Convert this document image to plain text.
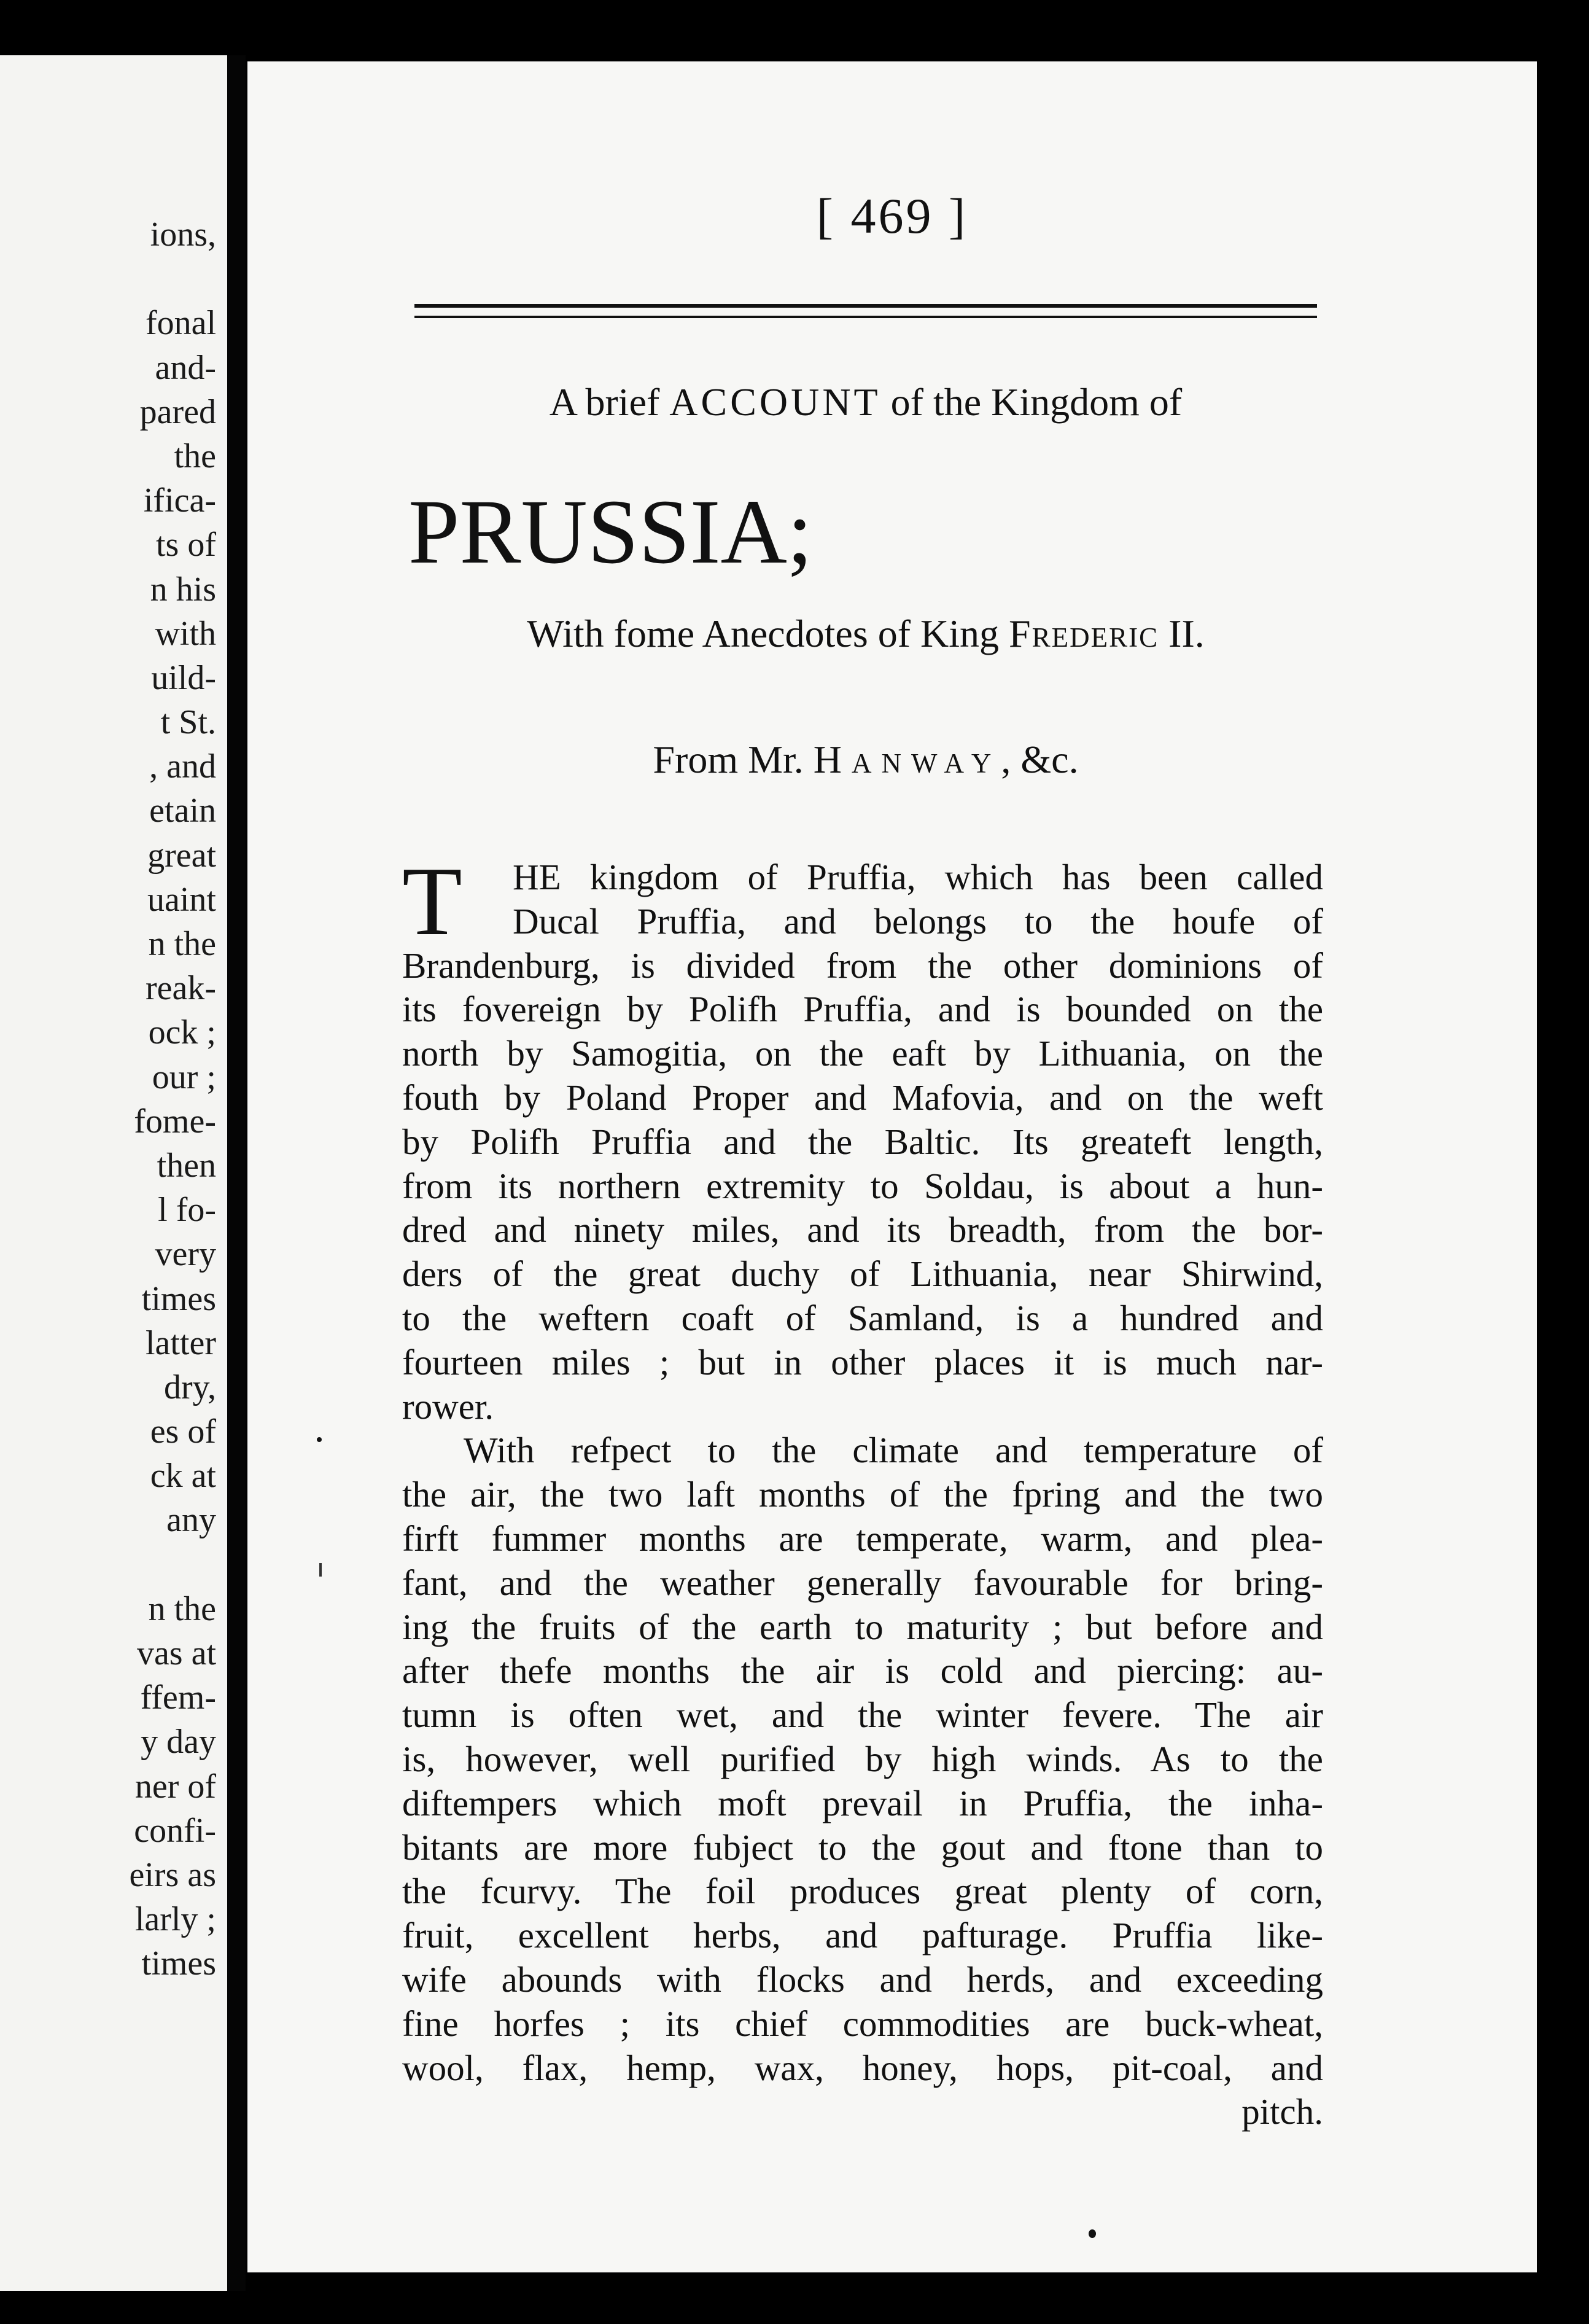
ions,
fonal
and-
pared
the
ifica-
ts of
n his
with
uild-
t St.
, and
etain
great
uaint
n the
reak-
ock ;
our ;
fome-
then
l fo-
very
times
latter
dry,
es of
ck at
any
n the
vas at
ffem-
y day
ner of
confi-
eirs as
larly ;
times
[ 469 ]
A brief ACCOUNT of the Kingdom of
PRUSSIA;
With fome Anecdotes of King Frederic II.
From Mr. Hanway, &c.
T	HE kingdom of Pruffia, which has been called
Ducal Pruffia, and belongs to the houfe of
Brandenburg, is divided from the other dominions of
its fovereign by Polifh Pruffia, and is bounded on the
north by Samogitia, on the eaft by Lithuania, on the
fouth by Poland Proper and Mafovia, and on the weft
by Polifh Pruffia and the Baltic. Its greateft length,
from its northern extremity to Soldau, is about a hun-
dred and ninety miles, and its breadth, from the bor-
ders of the great duchy of Lithuania, near Shirwind,
to the weftern coaft of Samland, is a hundred and
fourteen miles ; but in other places it is much nar-
rower.
With refpect to the climate and temperature of
the air, the two laft months of the fpring and the two
firft fummer months are temperate, warm, and plea-
fant, and the weather generally favourable for bring-
ing the fruits of the earth to maturity ; but before and
after thefe months the air is cold and piercing: au-
tumn is often wet, and the winter fevere. The air
is, however, well purified by high winds. As to the
diftempers which moft prevail in Pruffia, the inha-
bitants are more fubject to the gout and ftone than to
the fcurvy. The foil produces great plenty of corn,
fruit, excellent herbs, and pafturage. Pruffia like-
wife abounds with flocks and herds, and exceeding
fine horfes ; its chief commodities are buck-wheat,
wool, flax, hemp, wax, honey, hops, pit-coal, and
pitch.
